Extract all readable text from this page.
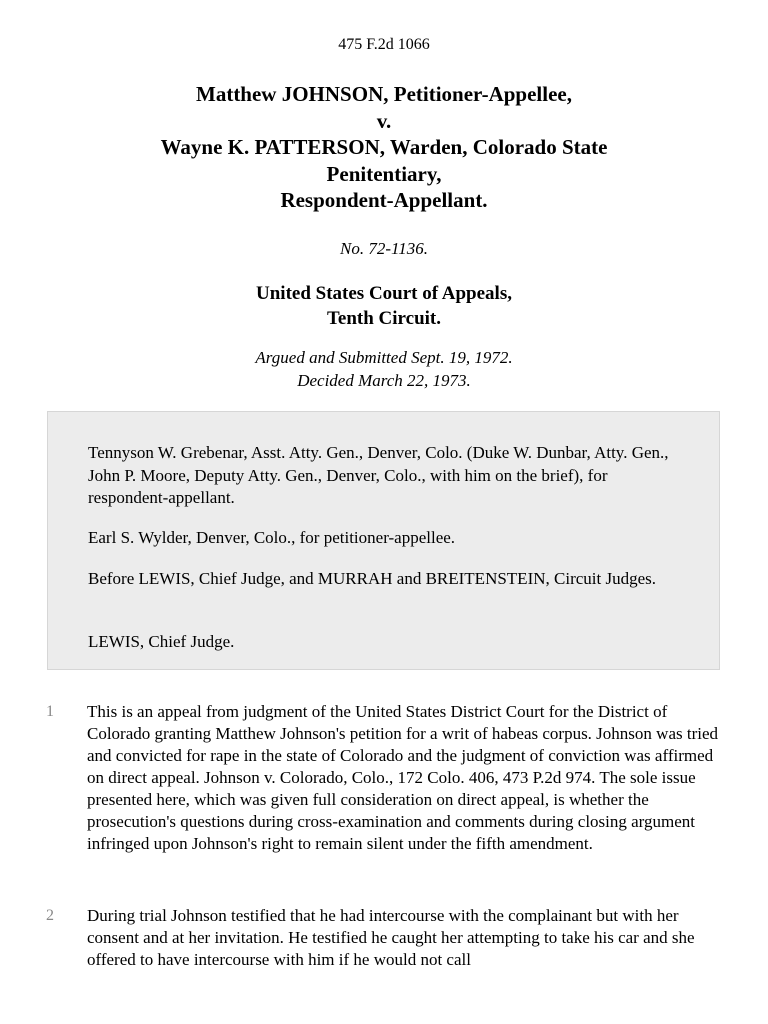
475 F.2d 1066
Matthew JOHNSON, Petitioner-Appellee,
v.
Wayne K. PATTERSON, Warden, Colorado State
Penitentiary,
Respondent-Appellant.
No. 72-1136.
United States Court of Appeals,
Tenth Circuit.
Argued and Submitted Sept. 19, 1972.
Decided March 22, 1973.

Tennyson W. Grebenar, Asst. Atty. Gen., Denver, Colo. (Duke W. Dunbar, Atty. Gen., John P. Moore, Deputy Atty. Gen., Denver, Colo., with him on the brief), for respondent-appellant.

Earl S. Wylder, Denver, Colo., for petitioner-appellee.

Before LEWIS, Chief Judge, and MURRAH and BREITENSTEIN, Circuit Judges.

LEWIS, Chief Judge.

1 This is an appeal from judgment of the United States District Court for the District of Colorado granting Matthew Johnson's petition for a writ of habeas corpus. Johnson was tried and convicted for rape in the state of Colorado and the judgment of conviction was affirmed on direct appeal. Johnson v. Colorado, Colo., 172 Colo. 406, 473 P.2d 974. The sole issue presented here, which was given full consideration on direct appeal, is whether the prosecution's questions during cross-examination and comments during closing argument infringed upon Johnson's right to remain silent under the fifth amendment.

2 During trial Johnson testified that he had intercourse with the complainant but with her consent and at her invitation. He testified he caught her attempting to take his car and she offered to have intercourse with him if he would not call
